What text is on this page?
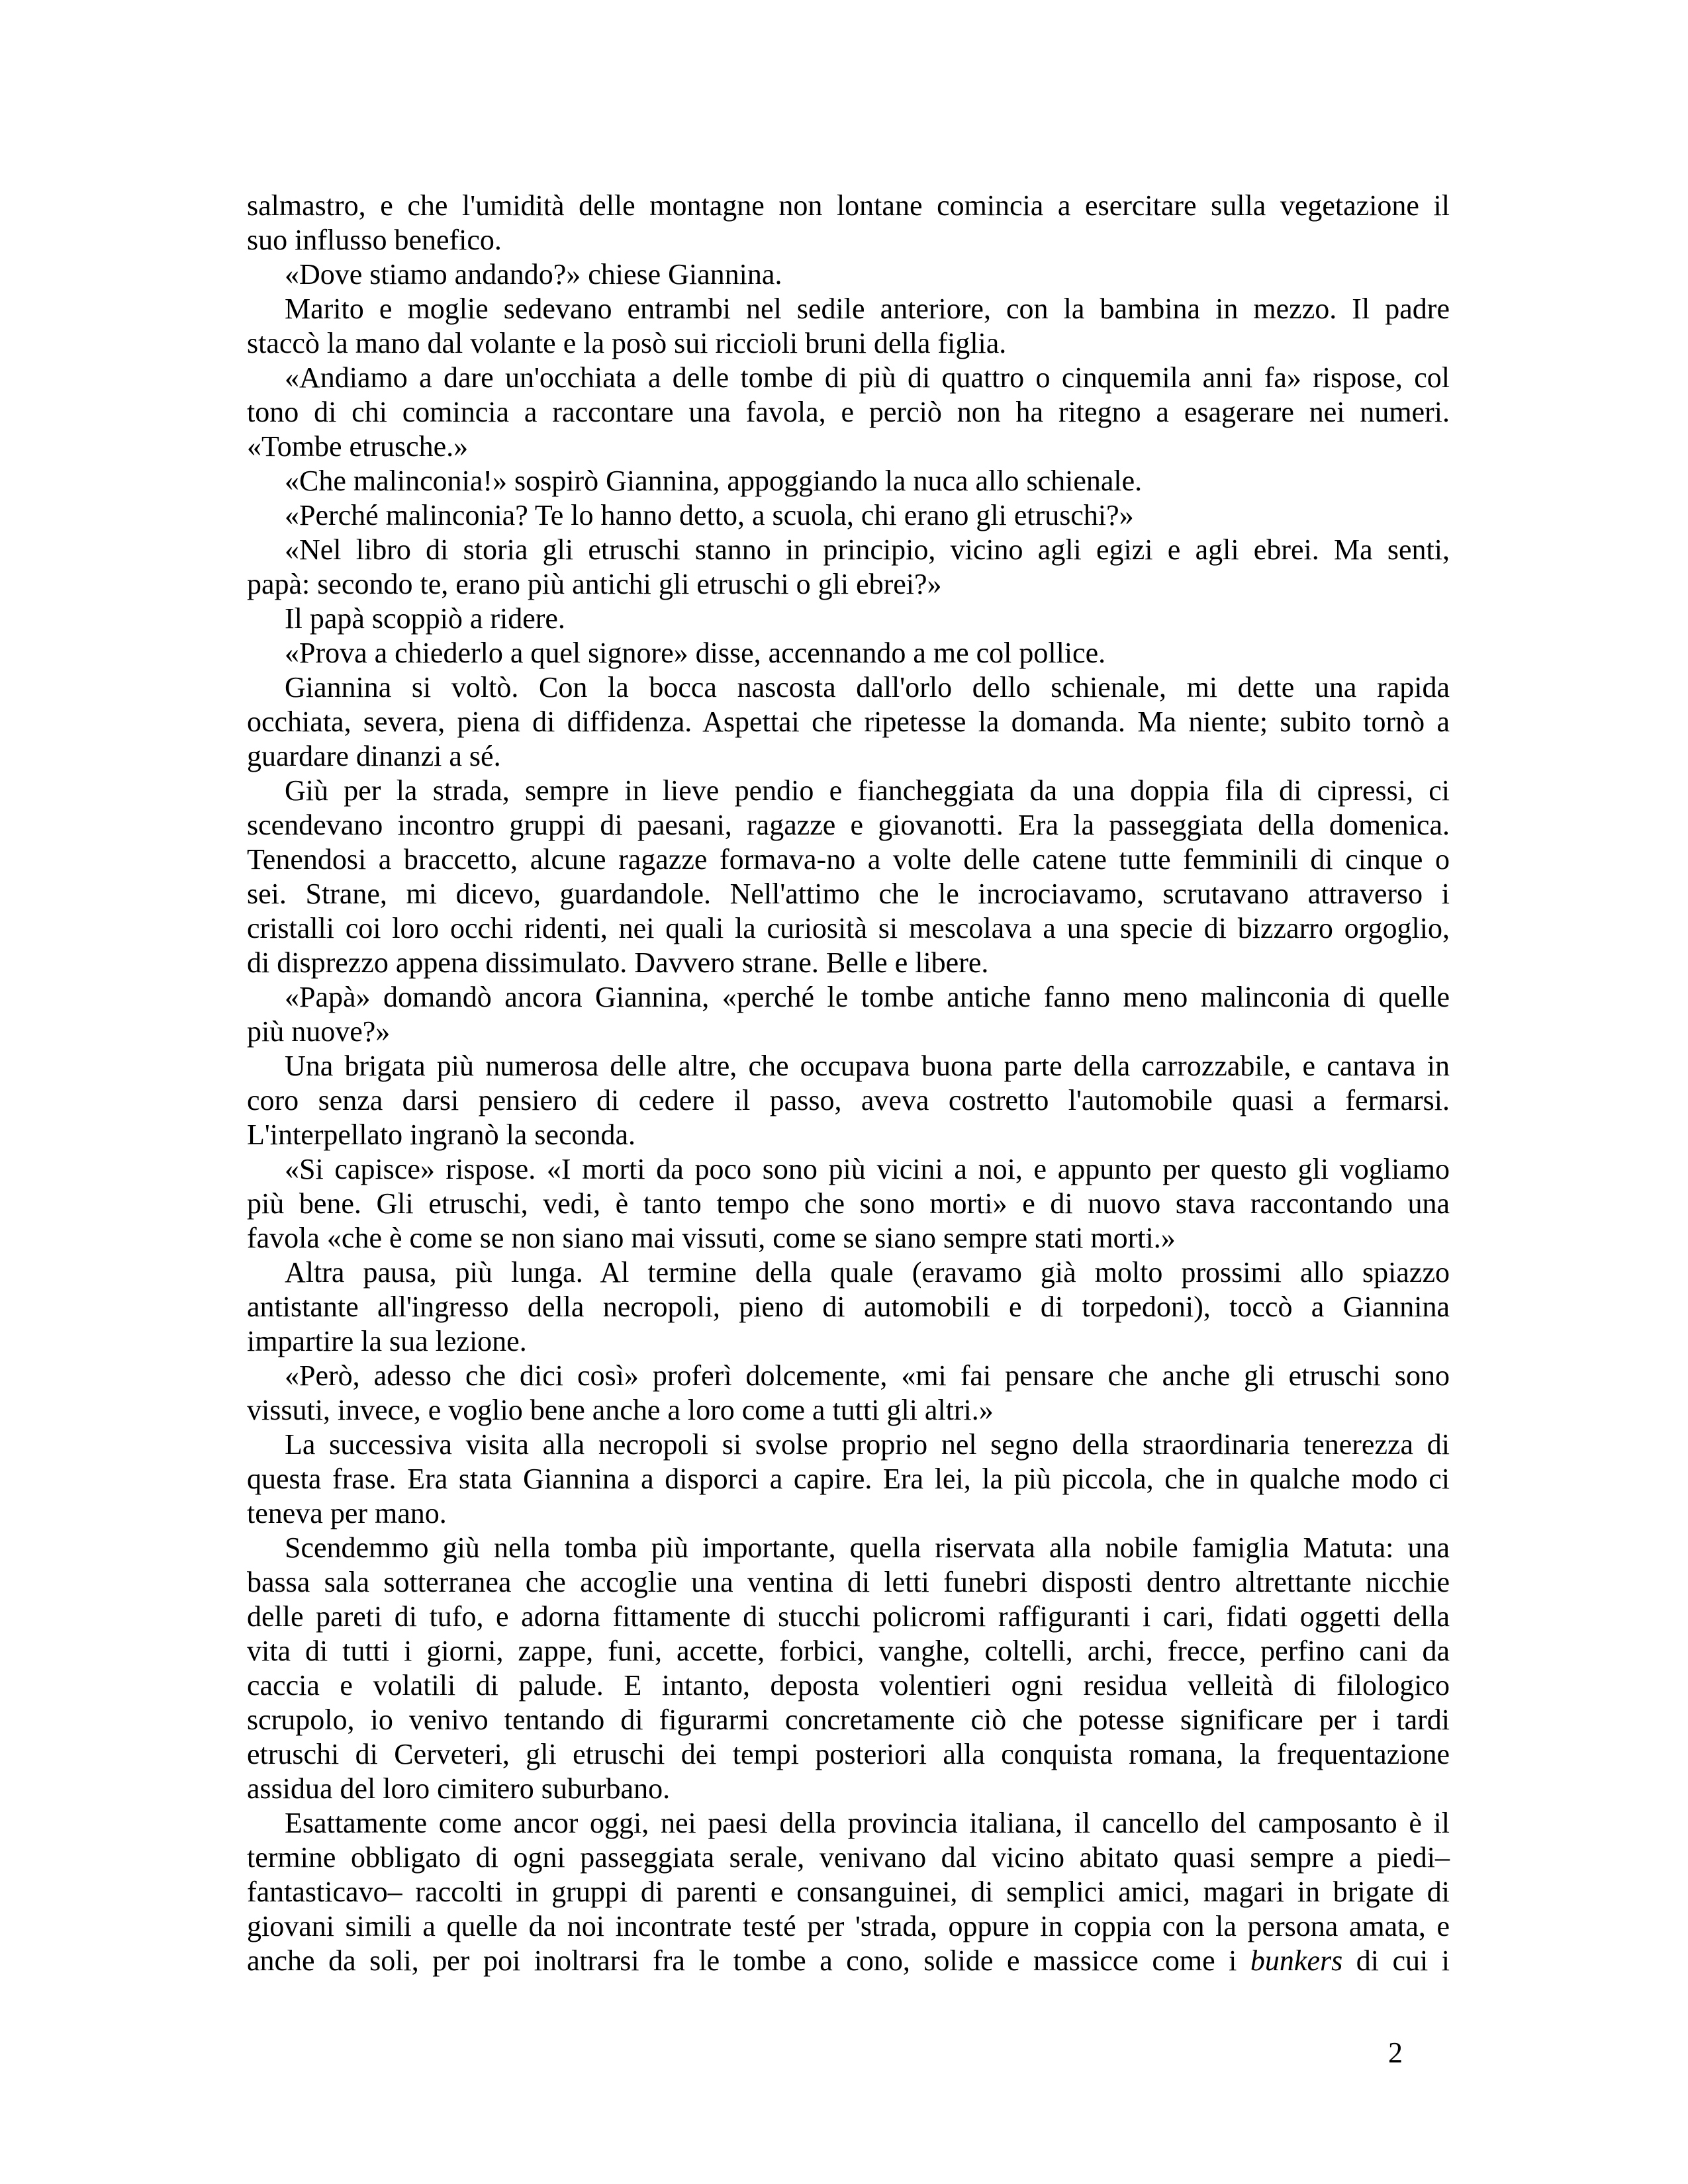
salmastro, e che l'umidità delle montagne non lontane comincia a esercitare sulla vegetazione il
suo influsso benefico.
«Dove stiamo andando?» chiese Giannina.
Marito e moglie sedevano entrambi nel sedile anteriore, con la bambina in mezzo. Il padre
staccò la mano dal volante e la posò sui riccioli bruni della figlia.
«Andiamo a dare un'occhiata a delle tombe di più di quattro o cinquemila anni fa» rispose, col
tono di chi comincia a raccontare una favola, e perciò non ha ritegno a esagerare nei numeri.
«Tombe etrusche.»
«Che malinconia!» sospirò Giannina, appoggiando la nuca allo schienale.
«Perché malinconia? Te lo hanno detto, a scuola, chi erano gli etruschi?»
«Nel libro di storia gli etruschi stanno in principio, vicino agli egizi e agli ebrei. Ma senti,
papà: secondo te, erano più antichi gli etruschi o gli ebrei?»
Il papà scoppiò a ridere.
«Prova a chiederlo a quel signore» disse, accennando a me col pollice.
Giannina si voltò. Con la bocca nascosta dall'orlo dello schienale, mi dette una rapida
occhiata, severa, piena di diffidenza. Aspettai che ripetesse la domanda. Ma niente; subito tornò a
guardare dinanzi a sé.
Giù per la strada, sempre in lieve pendio e fiancheggiata da una doppia fila di cipressi, ci
scendevano incontro gruppi di paesani, ragazze e giovanotti. Era la passeggiata della domenica.
Tenendosi a braccetto, alcune ragazze formava-no a volte delle catene tutte femminili di cinque o
sei. Strane, mi dicevo, guardandole. Nell'attimo che le incrociavamo, scrutavano attraverso i
cristalli coi loro occhi ridenti, nei quali la curiosità si mescolava a una specie di bizzarro orgoglio,
di disprezzo appena dissimulato. Davvero strane. Belle e libere.
«Papà» domandò ancora Giannina, «perché le tombe antiche fanno meno malinconia di quelle
più nuove?»
Una brigata più numerosa delle altre, che occupava buona parte della carrozzabile, e cantava in
coro senza darsi pensiero di cedere il passo, aveva costretto l'automobile quasi a fermarsi.
L'interpellato ingranò la seconda.
«Si capisce» rispose. «I morti da poco sono più vicini a noi, e appunto per questo gli vogliamo
più bene. Gli etruschi, vedi, è tanto tempo che sono morti» e di nuovo stava raccontando una
favola «che è come se non siano mai vissuti, come se siano sempre stati morti.»
Altra pausa, più lunga. Al termine della quale (eravamo già molto prossimi allo spiazzo
antistante all'ingresso della necropoli, pieno di automobili e di torpedoni), toccò a Giannina
impartire la sua lezione.
«Però, adesso che dici così» proferì dolcemente, «mi fai pensare che anche gli etruschi sono
vissuti, invece, e voglio bene anche a loro come a tutti gli altri.»
La successiva visita alla necropoli si svolse proprio nel segno della straordinaria tenerezza di
questa frase. Era stata Giannina a disporci a capire. Era lei, la più piccola, che in qualche modo ci
teneva per mano.
Scendemmo giù nella tomba più importante, quella riservata alla nobile famiglia Matuta: una
bassa sala sotterranea che accoglie una ventina di letti funebri disposti dentro altrettante nicchie
delle pareti di tufo, e adorna fittamente di stucchi policromi raffiguranti i cari, fidati oggetti della
vita di tutti i giorni, zappe, funi, accette, forbici, vanghe, coltelli, archi, frecce, perfino cani da
caccia e volatili di palude. E intanto, deposta volentieri ogni residua velleità di filologico
scrupolo, io venivo tentando di figurarmi concretamente ciò che potesse significare per i tardi
etruschi di Cerveteri, gli etruschi dei tempi posteriori alla conquista romana, la frequentazione
assidua del loro cimitero suburbano.
Esattamente come ancor oggi, nei paesi della provincia italiana, il cancello del camposanto è il
termine obbligato di ogni passeggiata serale, venivano dal vicino abitato quasi sempre a piedi–
fantasticavo– raccolti in gruppi di parenti e consanguinei, di semplici amici, magari in brigate di
giovani simili a quelle da noi incontrate testé per 'strada, oppure in coppia con la persona amata, e
anche da soli, per poi inoltrarsi fra le tombe a cono, solide e massicce come i bunkers di cui i
2
